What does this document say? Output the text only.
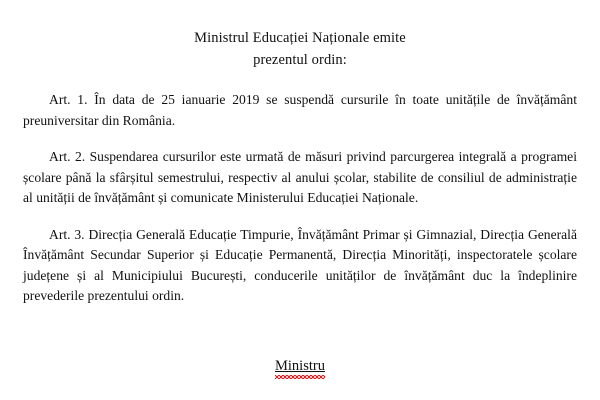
Ministrul Educației Naționale emite
prezentul ordin:

Art. 1. În data de 25 ianuarie 2019 se suspendă cursurile în toate unitățile de învățământ preuniversitar din România.

Art. 2. Suspendarea cursurilor este urmată de măsuri privind parcurgerea integrală a programei școlare până la sfârșitul semestrului, respectiv al anului școlar, stabilite de consiliul de administrație al unității de învățământ și comunicate Ministerului Educației Naționale.

Art. 3. Direcția Generală Educație Timpurie, Învățământ Primar și Gimnazial, Direcția Generală Învățământ Secundar Superior și Educație Permanentă, Direcția Minorități, inspectoratele școlare județene și al Municipiului București, conducerile unităților de învățământ duc la îndeplinire prevederile prezentului ordin.

Ministru
